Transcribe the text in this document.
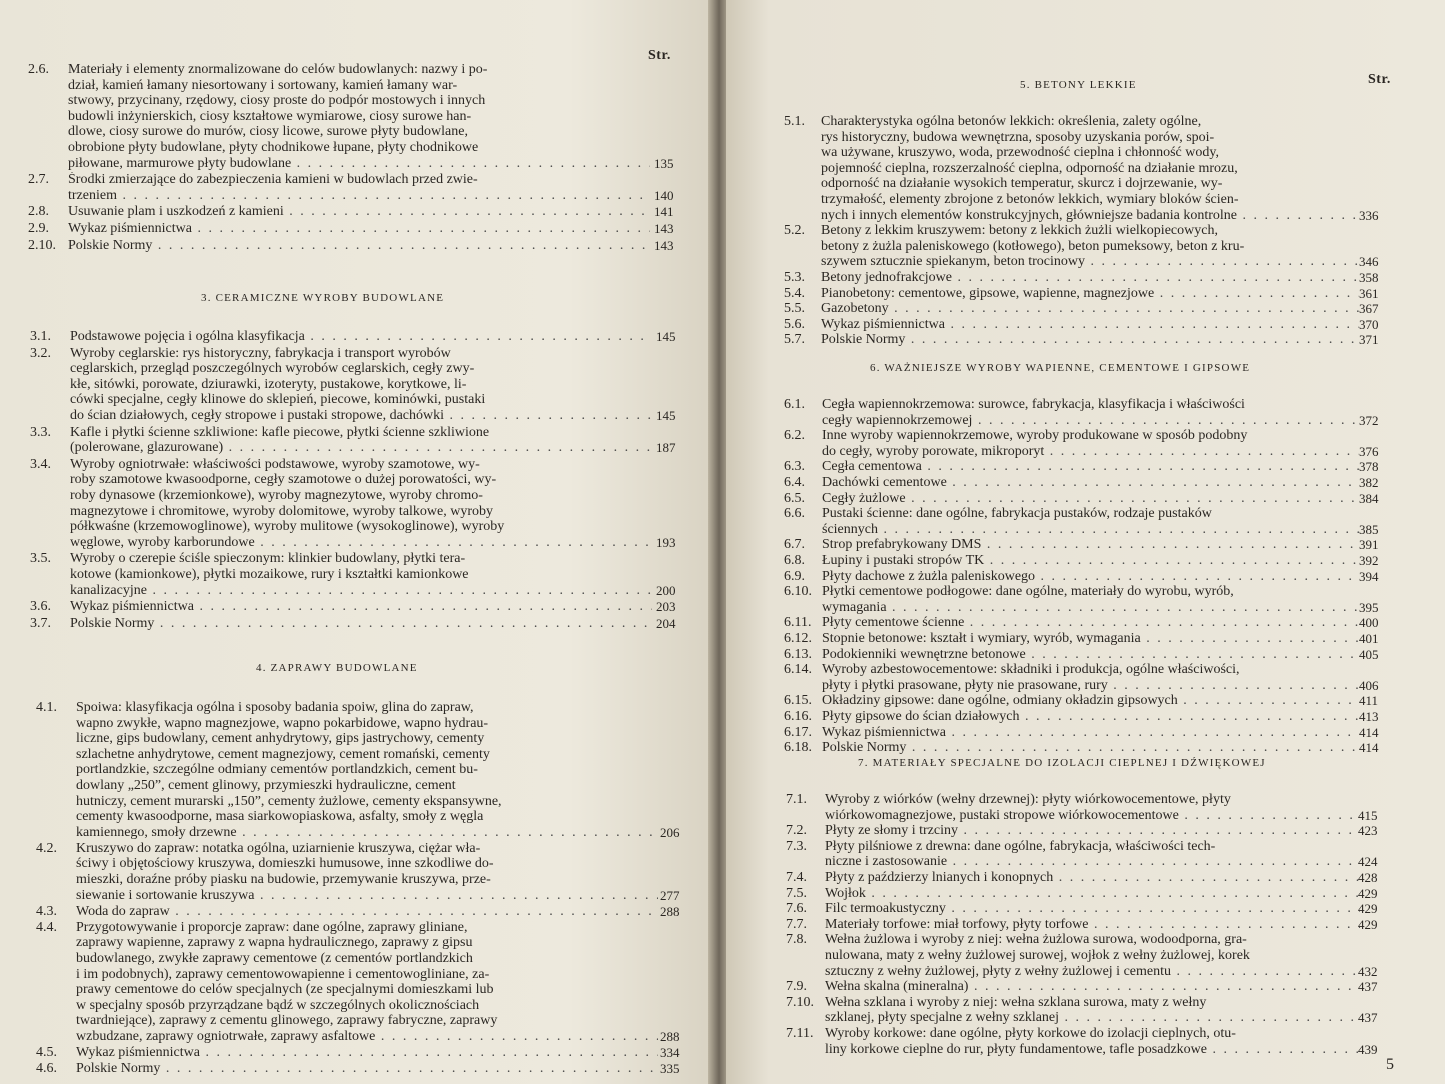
Str.
2.6. Materiały i elementy znormalizowane do celów budowlanych: nazwy i po-
dział, kamień łamany niesortowany i sortowany, kamień łamany war-
stwowy, przycinany, rzędowy, ciosy proste do podpór mostowych i innych
budowli inżynierskich, ciosy kształtowe wymiarowe, ciosy surowe han-
dlowe, ciosy surowe do murów, ciosy licowe, surowe płyty budowlane,
obrobione płyty budowlane, płyty chodnikowe łupane, płyty chodnikowe
piłowane, marmurowe płyty budowlane . . .	135
2.7. Środki zmierzające do zabezpieczenia kamieni w budowlach przed zwie-
trzeniem . . .	140
2.8. Usuwanie plam i uszkodzeń z kamieni . . .	141
2.9. Wykaz piśmiennictwa . . .	143
2.10. Polskie Normy . . .	143
3. CERAMICZNE WYROBY BUDOWLANE
3.1. Podstawowe pojęcia i ogólna klasyfikacja . . .	145
3.2. Wyroby ceglarskie: rys historyczny, fabrykacja i transport wyrobów
ceglarskich, przegląd poszczególnych wyrobów ceglarskich, cegły zwy-
kłe, sitówki, porowate, dziurawki, izoteryty, pustakowe, korytkowe, li-
cówki specjalne, cegły klinowe do sklepień, piecowe, kominówki, pustaki
do ścian działowych, cegły stropowe i pustaki stropowe, dachówki . . .	145
3.3. Kafle i płytki ścienne szkliwione: kafle piecowe, płytki ścienne szkliwione
(polerowane, glazurowane) . . .	187
3.4. Wyroby ogniotrwałe: właściwości podstawowe, wyroby szamotowe, wy-
roby szamotowe kwasoodporne, cegły szamotowe o dużej porowatości, wy-
roby dynasowe (krzemionkowe), wyroby magnezytowe, wyroby chromo-
magnezytowe i chromitowe, wyroby dolomitowe, wyroby talkowe, wyroby
półkwaśne (krzemowoglinowe), wyroby mulitowe (wysokoglinowe), wyroby
węglowe, wyroby karborundowe . . .	193
3.5. Wyroby o czerepie ściśle spieczonym: klinkier budowlany, płytki tera-
kotowe (kamionkowe), płytki mozaikowe, rury i kształtki kamionkowe
kanalizacyjne . . .	200
3.6. Wykaz piśmiennictwa . . .	203
3.7. Polskie Normy . . .	204
4. ZAPRAWY BUDOWLANE
4.1. Spoiwa: klasyfikacja ogólna i sposoby badania spoiw, glina do zapraw,
wapno zwykłe, wapno magnezjowe, wapno pokarbidowe, wapno hydrau-
liczne, gips budowlany, cement anhydrytowy, gips jastrychowy, cementy
szlachetne anhydrytowe, cement magnezjowy, cement romański, cementy
portlandzkie, szczególne odmiany cementów portlandzkich, cement bu-
dowlany „250”, cement glinowy, przymieszki hydrauliczne, cement
hutniczy, cement murarski „150”, cementy żużlowe, cementy ekspansywne,
cementy kwasoodporne, masa siarkowopiaskowa, asfalty, smoły z węgla
kamiennego, smoły drzewne . . .	206
4.2. Kruszywo do zapraw: notatka ogólna, uziarnienie kruszywa, ciężar wła-
ściwy i objętościowy kruszywa, domieszki humusowe, inne szkodliwe do-
mieszki, doraźne próby piasku na budowie, przemywanie kruszywa, prze-
siewanie i sortowanie kruszywa . . .	277
4.3. Woda do zapraw . . .	288
4.4. Przygotowywanie i proporcje zapraw: dane ogólne, zaprawy gliniane,
zaprawy wapienne, zaprawy z wapna hydraulicznego, zaprawy z gipsu
budowlanego, zwykłe zaprawy cementowe (z cementów portlandzkich
i im podobnych), zaprawy cementowowapienne i cementowogliniane, za-
prawy cementowe do celów specjalnych (ze specjalnymi domieszkami lub
w specjalny sposób przyrządzane bądź w szczególnych okolicznościach
twardniejące), zaprawy z cementu glinowego, zaprawy fabryczne, zaprawy
wzbudzane, zaprawy ogniotrwałe, zaprawy asfaltowe . . .	288
4.5. Wykaz piśmiennictwa . . .	334
4.6. Polskie Normy . . .	335
Str.
5. BETONY LEKKIE
5.1. Charakterystyka ogólna betonów lekkich: określenia, zalety ogólne,
rys historyczny, budowa wewnętrzna, sposoby uzyskania porów, spoi-
wa używane, kruszywo, woda, przewodność cieplna i chłonność wody,
pojemność cieplna, rozszerzalność cieplna, odporność na działanie mrozu,
odporność na działanie wysokich temperatur, skurcz i dojrzewanie, wy-
trzymałość, elementy zbrojone z betonów lekkich, wymiary bloków ścien-
nych i innych elementów konstrukcyjnych, główniejsze badania kontrolne . . .	336
5.2. Betony z lekkim kruszywem: betony z lekkich żużli wielkopiecowych,
betony z żużla paleniskowego (kotłowego), beton pumeksowy, beton z kru-
szywem sztucznie spiekanym, beton trocinowy . . .	346
5.3. Betony jednofrakcjowe . . .	358
5.4. Pianobetony: cementowe, gipsowe, wapienne, magnezjowe . . .	361
5.5. Gazobetony . . .	367
5.6. Wykaz piśmiennictwa . . .	370
5.7. Polskie Normy . . .	371
6. WAŻNIEJSZE WYROBY WAPIENNE, CEMENTOWE I GIPSOWE
6.1. Cegła wapiennokrzemowa: surowce, fabrykacja, klasyfikacja i właściwości
cegły wapiennokrzemowej . . .	372
6.2. Inne wyroby wapiennokrzemowe, wyroby produkowane w sposób podobny
do cegły, wyroby porowate, mikroporyt . . .	376
6.3. Cegła cementowa . . .	378
6.4. Dachówki cementowe . . .	382
6.5. Cegły żużlowe . . .	384
6.6. Pustaki ścienne: dane ogólne, fabrykacja pustaków, rodzaje pustaków
ściennych . . .	385
6.7. Strop prefabrykowany DMS . . .	391
6.8. Łupiny i pustaki stropów TK . . .	392
6.9. Płyty dachowe z żużla paleniskowego . . .	394
6.10. Płytki cementowe podłogowe: dane ogólne, materiały do wyrobu, wyrób,
wymagania . . .	395
6.11. Płyty cementowe ścienne . . .	400
6.12. Stopnie betonowe: kształt i wymiary, wyrób, wymagania . . .	401
6.13. Podokienniki wewnętrzne betonowe . . .	405
6.14. Wyroby azbestowocementowe: składniki i produkcja, ogólne właściwości,
płyty i płytki prasowane, płyty nie prasowane, rury . . .	406
6.15. Okładziny gipsowe: dane ogólne, odmiany okładzin gipsowych . . .	411
6.16. Płyty gipsowe do ścian działowych . . .	413
6.17. Wykaz piśmiennictwa . . .	414
6.18. Polskie Normy . . .	414
7. MATERIAŁY SPECJALNE DO IZOLACJI CIEPLNEJ I DŹWIĘKOWEJ
7.1. Wyroby z wiórków (wełny drzewnej): płyty wiórkowocementowe, płyty
wiórkowomagnezjowe, pustaki stropowe wiórkowocementowe . . .	415
7.2. Płyty ze słomy i trzciny . . .	423
7.3. Płyty pilśniowe z drewna: dane ogólne, fabrykacja, właściwości tech-
niczne i zastosowanie . . .	424
7.4. Płyty z paździerzy lnianych i konopnych . . .	428
7.5. Wojłok . . .	429
7.6. Filc termoakustyczny . . .	429
7.7. Materiały torfowe: miał torfowy, płyty torfowe . . .	429
7.8. Wełna żużlowa i wyroby z niej: wełna żużlowa surowa, wodoodporna, gra-
nulowana, maty z wełny żużlowej surowej, wojłok z wełny żużlowej, korek
sztuczny z wełny żużlowej, płyty z wełny żużlowej i cementu . . .	432
7.9. Wełna skalna (mineralna) . . .	437
7.10. Wełna szklana i wyroby z niej: wełna szklana surowa, maty z wełny
szklanej, płyty specjalne z wełny szklanej . . .	437
7.11. Wyroby korkowe: dane ogólne, płyty korkowe do izolacji cieplnych, otu-
liny korkowe cieplne do rur, płyty fundamentowe, tafle posadzkowe . . .	439
5
